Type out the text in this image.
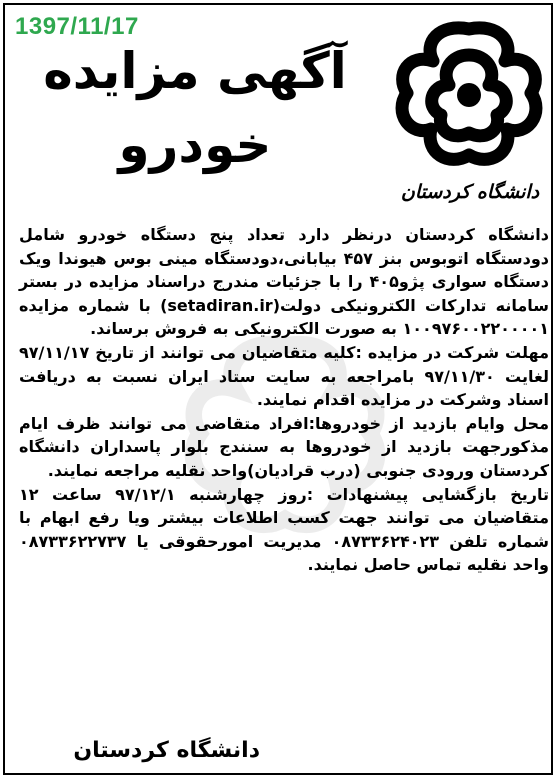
1397/11/17
آگهی مزایده
خودرو
دانشگاه کردستان

دانشگاه کردستان درنظر دارد تعداد پنج دستگاه خودرو شامل دودستگاه اتوبوس بنز ۴۵۷ بیابانی،دودستگاه مینی بوس هیوندا ویک دستگاه سواری پژو۴۰۵ را با جزئیات مندرج دراسناد مزایده در بستر سامانه تدارکات الکترونیکی دولت(setadiran.ir) با شماره مزایده ۱۰۰۹۷۶۰۰۲۲۰۰۰۰۱ به صورت الکترونیکی به فروش برساند.

مهلت شرکت در مزایده :کلیه متقاضیان می توانند از تاریخ ۹۷/۱۱/۱۷ لغایت ۹۷/۱۱/۳۰ بامراجعه به سایت ستاد ایران نسبت به دریافت اسناد وشرکت در مزایده اقدام نمایند.

محل وایام بازدید از خودروها:افراد متقاضی می توانند ظرف ایام مذکورجهت بازدید از خودروها به سنندج بلوار پاسداران دانشگاه کردستان ورودی جنوبی (درب قرادیان)واحد نقلیه مراجعه نمایند.

تاریخ بازگشایی پیشنهادات :روز چهارشنبه ۹۷/۱۲/۱ ساعت ۱۲ متقاضیان می توانند جهت کسب اطلاعات بیشتر ویا رفع ابهام با شماره تلفن ۰۸۷۳۳۶۲۴۰۲۳ مدیریت امورحقوقی یا ۰۸۷۳۳۶۲۲۷۳۷ واحد نقلیه تماس حاصل نمایند.

دانشگاه کردستان
